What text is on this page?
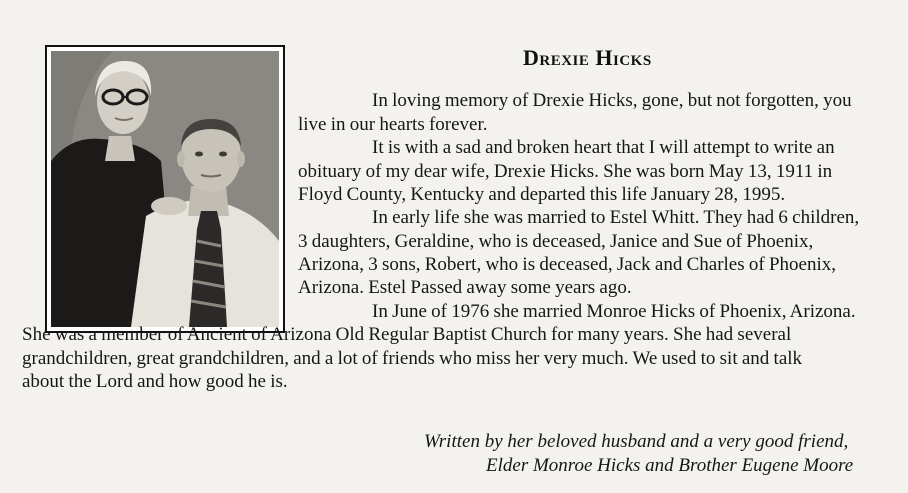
Drexie Hicks
In loving memory of Drexie Hicks, gone, but not forgotten, you
live in our hearts forever.
It is with a sad and broken heart that I will attempt to write an
obituary of my dear wife, Drexie Hicks. She was born May 13, 1911 in
Floyd County, Kentucky and departed this life January 28, 1995.
In early life she was married to Estel Whitt. They had 6 children,
3 daughters, Geraldine, who is deceased, Janice and Sue of Phoenix,
Arizona, 3 sons, Robert, who is deceased, Jack and Charles of Phoenix,
Arizona. Estel Passed away some years ago.
In June of 1976 she married Monroe Hicks of Phoenix, Arizona.
She was a member of Ancient of Arizona Old Regular Baptist Church for many years. She had several
grandchildren, great grandchildren, and a lot of friends who miss her very much. We used to sit and talk
about the Lord and how good he is.
Written by her beloved husband and a very good friend,
Elder Monroe Hicks and Brother Eugene Moore
